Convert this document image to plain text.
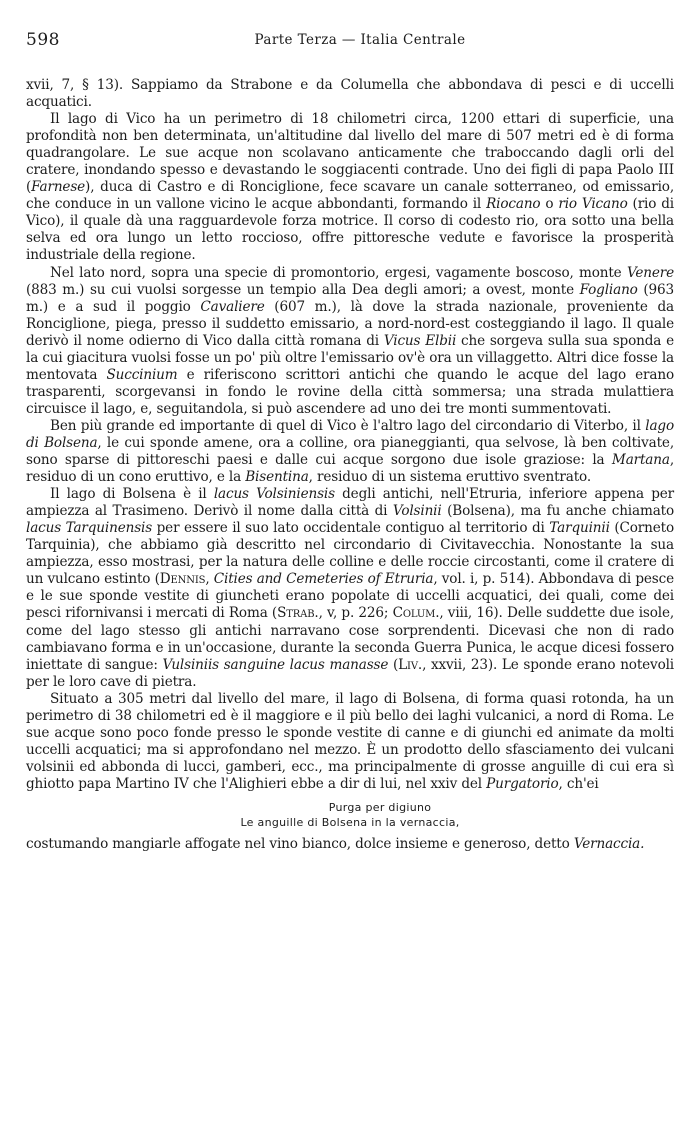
598	Parte Terza — Italia Centrale

xvii, 7, § 13). Sappiamo da Strabone e da Columella che abbondava di pesci e di uccelli acquatici.

Il lago di Vico ha un perimetro di 18 chilometri circa, 1200 ettari di superficie, una profondità non ben determinata, un'altitudine dal livello del mare di 507 metri ed è di forma quadrangolare. Le sue acque non scolavano anticamente che traboccando dagli orli del cratere, inondando spesso e devastando le soggiacenti contrade. Uno dei figli di papa Paolo III (Farnese), duca di Castro e di Ronciglione, fece scavare un canale sotterraneo, od emissario, che conduce in un vallone vicino le acque abbondanti, formando il Riocano o rio Vicano (rio di Vico), il quale dà una ragguardevole forza motrice. Il corso di codesto rio, ora sotto una bella selva ed ora lungo un letto roccioso, offre pittoresche vedute e favorisce la prosperità industriale della regione.

Nel lato nord, sopra una specie di promontorio, ergesi, vagamente boscoso, monte Venere (883 m.) su cui vuolsi sorgesse un tempio alla Dea degli amori; a ovest, monte Fogliano (963 m.) e a sud il poggio Cavaliere (607 m.), là dove la strada nazionale, proveniente da Ronciglione, piega, presso il suddetto emissario, a nord-nord-est costeggiando il lago. Il quale derivò il nome odierno di Vico dalla città romana di Vicus Elbii che sorgeva sulla sua sponda e la cui giacitura vuolsi fosse un po' più oltre l'emissario ov'è ora un villaggetto. Altri dice fosse la mentovata Succinium e riferiscono scrittori antichi che quando le acque del lago erano trasparenti, scorgevansi in fondo le rovine della città sommersa; una strada mulattiera circuisce il lago, e, seguitandola, si può ascendere ad uno dei tre monti summentovati.

Ben più grande ed importante di quel di Vico è l'altro lago del circondario di Viterbo, il lago di Bolsena, le cui sponde amene, ora a colline, ora pianeggianti, qua selvose, là ben coltivate, sono sparse di pittoreschi paesi e dalle cui acque sorgono due isole graziose: la Martana, residuo di un cono eruttivo, e la Bisentina, residuo di un sistema eruttivo sventrato.

Il lago di Bolsena è il lacus Volsiniensis degli antichi, nell'Etruria, inferiore appena per ampiezza al Trasimeno. Derivò il nome dalla città di Volsinii (Bolsena), ma fu anche chiamato lacus Tarquinensis per essere il suo lato occidentale contiguo al territorio di Tarquinii (Corneto Tarquinia), che abbiamo già descritto nel circondario di Civitavecchia. Nonostante la sua ampiezza, esso mostrasi, per la natura delle colline e delle roccie circostanti, come il cratere di un vulcano estinto (Dennis, Cities and Cemeteries of Etruria, vol. i, p. 514). Abbondava di pesce e le sue sponde vestite di giuncheti erano popolate di uccelli acquatici, dei quali, come dei pesci rifornivansi i mercati di Roma (Strab., v, p. 226; Colum., viii, 16). Delle suddette due isole, come del lago stesso gli antichi narravano cose sorprendenti. Dicevasi che non di rado cambiavano forma e in un'occasione, durante la seconda Guerra Punica, le acque dicesi fossero iniettate di sangue: Vulsiniis sanguine lacus manasse (Liv., xxvii, 23). Le sponde erano notevoli per le loro cave di pietra.

Situato a 305 metri dal livello del mare, il lago di Bolsena, di forma quasi rotonda, ha un perimetro di 38 chilometri ed è il maggiore e il più bello dei laghi vulcanici, a nord di Roma. Le sue acque sono poco fonde presso le sponde vestite di canne e di giunchi ed animate da molti uccelli acquatici; ma si approfondano nel mezzo. È un prodotto dello sfasciamento dei vulcani volsinii ed abbonda di lucci, gamberi, ecc., ma principalmente di grosse anguille di cui era sì ghiotto papa Martino IV che l'Alighieri ebbe a dir di lui, nel xxiv del Purgatorio, ch'ei

Purga per digiuno
Le anguille di Bolsena in la vernaccia,

costumando mangiarle affogate nel vino bianco, dolce insieme e generoso, detto Vernaccia.
